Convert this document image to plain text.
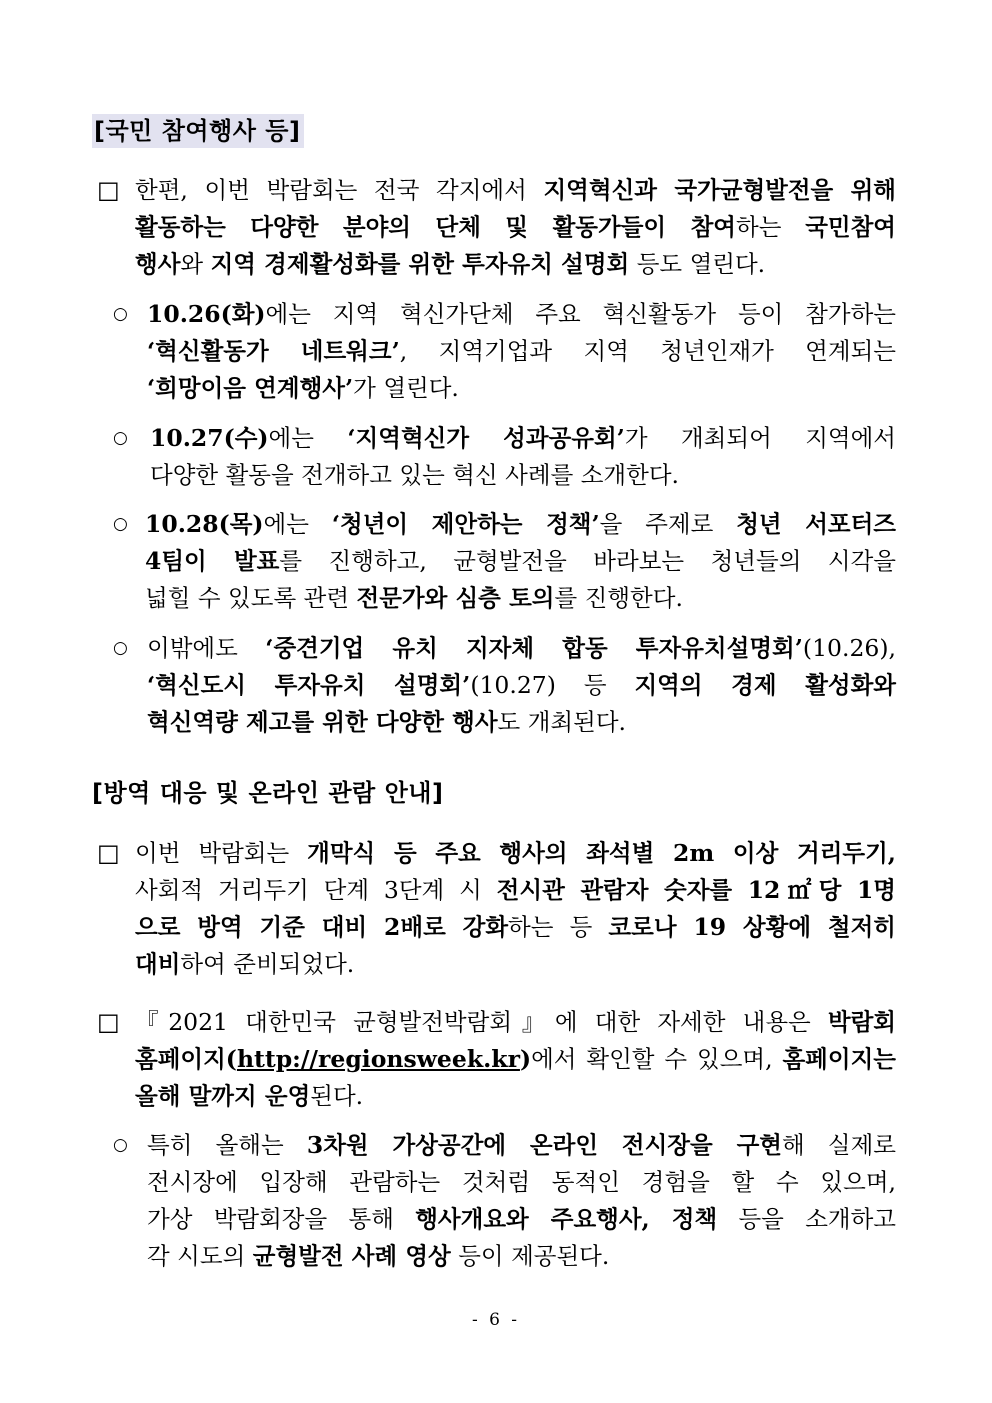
[국민 참여행사 등]
[방역 대응 및 온라인 관람 안내]
□ 한편, 이번 박람회는 전국 각지에서 지역혁신과 국가균형발전을 위해
활동하는 다양한 분야의 단체 및 활동가들이 참여하는 국민참여
행사와 지역 경제활성화를 위한 투자유치 설명회 등도 열린다.
○ 10.26(화)에는 지역 혁신가단체 주요 혁신활동가 등이 참가하는
‘혁신활동가 네트워크’, 지역기업과 지역 청년인재가 연계되는
‘희망이음 연계행사’가 열린다.
○ 10.27(수)에는 ‘지역혁신가 성과공유회’가 개최되어 지역에서
다양한 활동을 전개하고 있는 혁신 사례를 소개한다.
○ 10.28(목)에는 ‘청년이 제안하는 정책’을 주제로 청년 서포터즈
4팀이 발표를 진행하고, 균형발전을 바라보는 청년들의 시각을
넓힐 수 있도록 관련 전문가와 심층 토의를 진행한다.
○ 이밖에도 ‘중견기업 유치 지자체 합동 투자유치설명회’(10.26),
‘혁신도시 투자유치 설명회’(10.27) 등 지역의 경제 활성화와
혁신역량 제고를 위한 다양한 행사도 개최된다.
□ 이번 박람회는 개막식 등 주요 행사의 좌석별 2m 이상 거리두기,
사회적 거리두기 단계 3단계 시 전시관 관람자 숫자를 12㎡당 1명
으로 방역 기준 대비 2배로 강화하는 등 코로나 19 상황에 철저히
대비하여 준비되었다.
□ 『2021 대한민국 균형발전박람회』에 대한 자세한 내용은 박람회
홈페이지(http://regionsweek.kr)에서 확인할 수 있으며, 홈페이지는
올해 말까지 운영된다.
○ 특히 올해는 3차원 가상공간에 온라인 전시장을 구현해 실제로
전시장에 입장해 관람하는 것처럼 동적인 경험을 할 수 있으며,
가상 박람회장을 통해 행사개요와 주요행사, 정책 등을 소개하고
각 시도의 균형발전 사례 영상 등이 제공된다.
- 6 -
